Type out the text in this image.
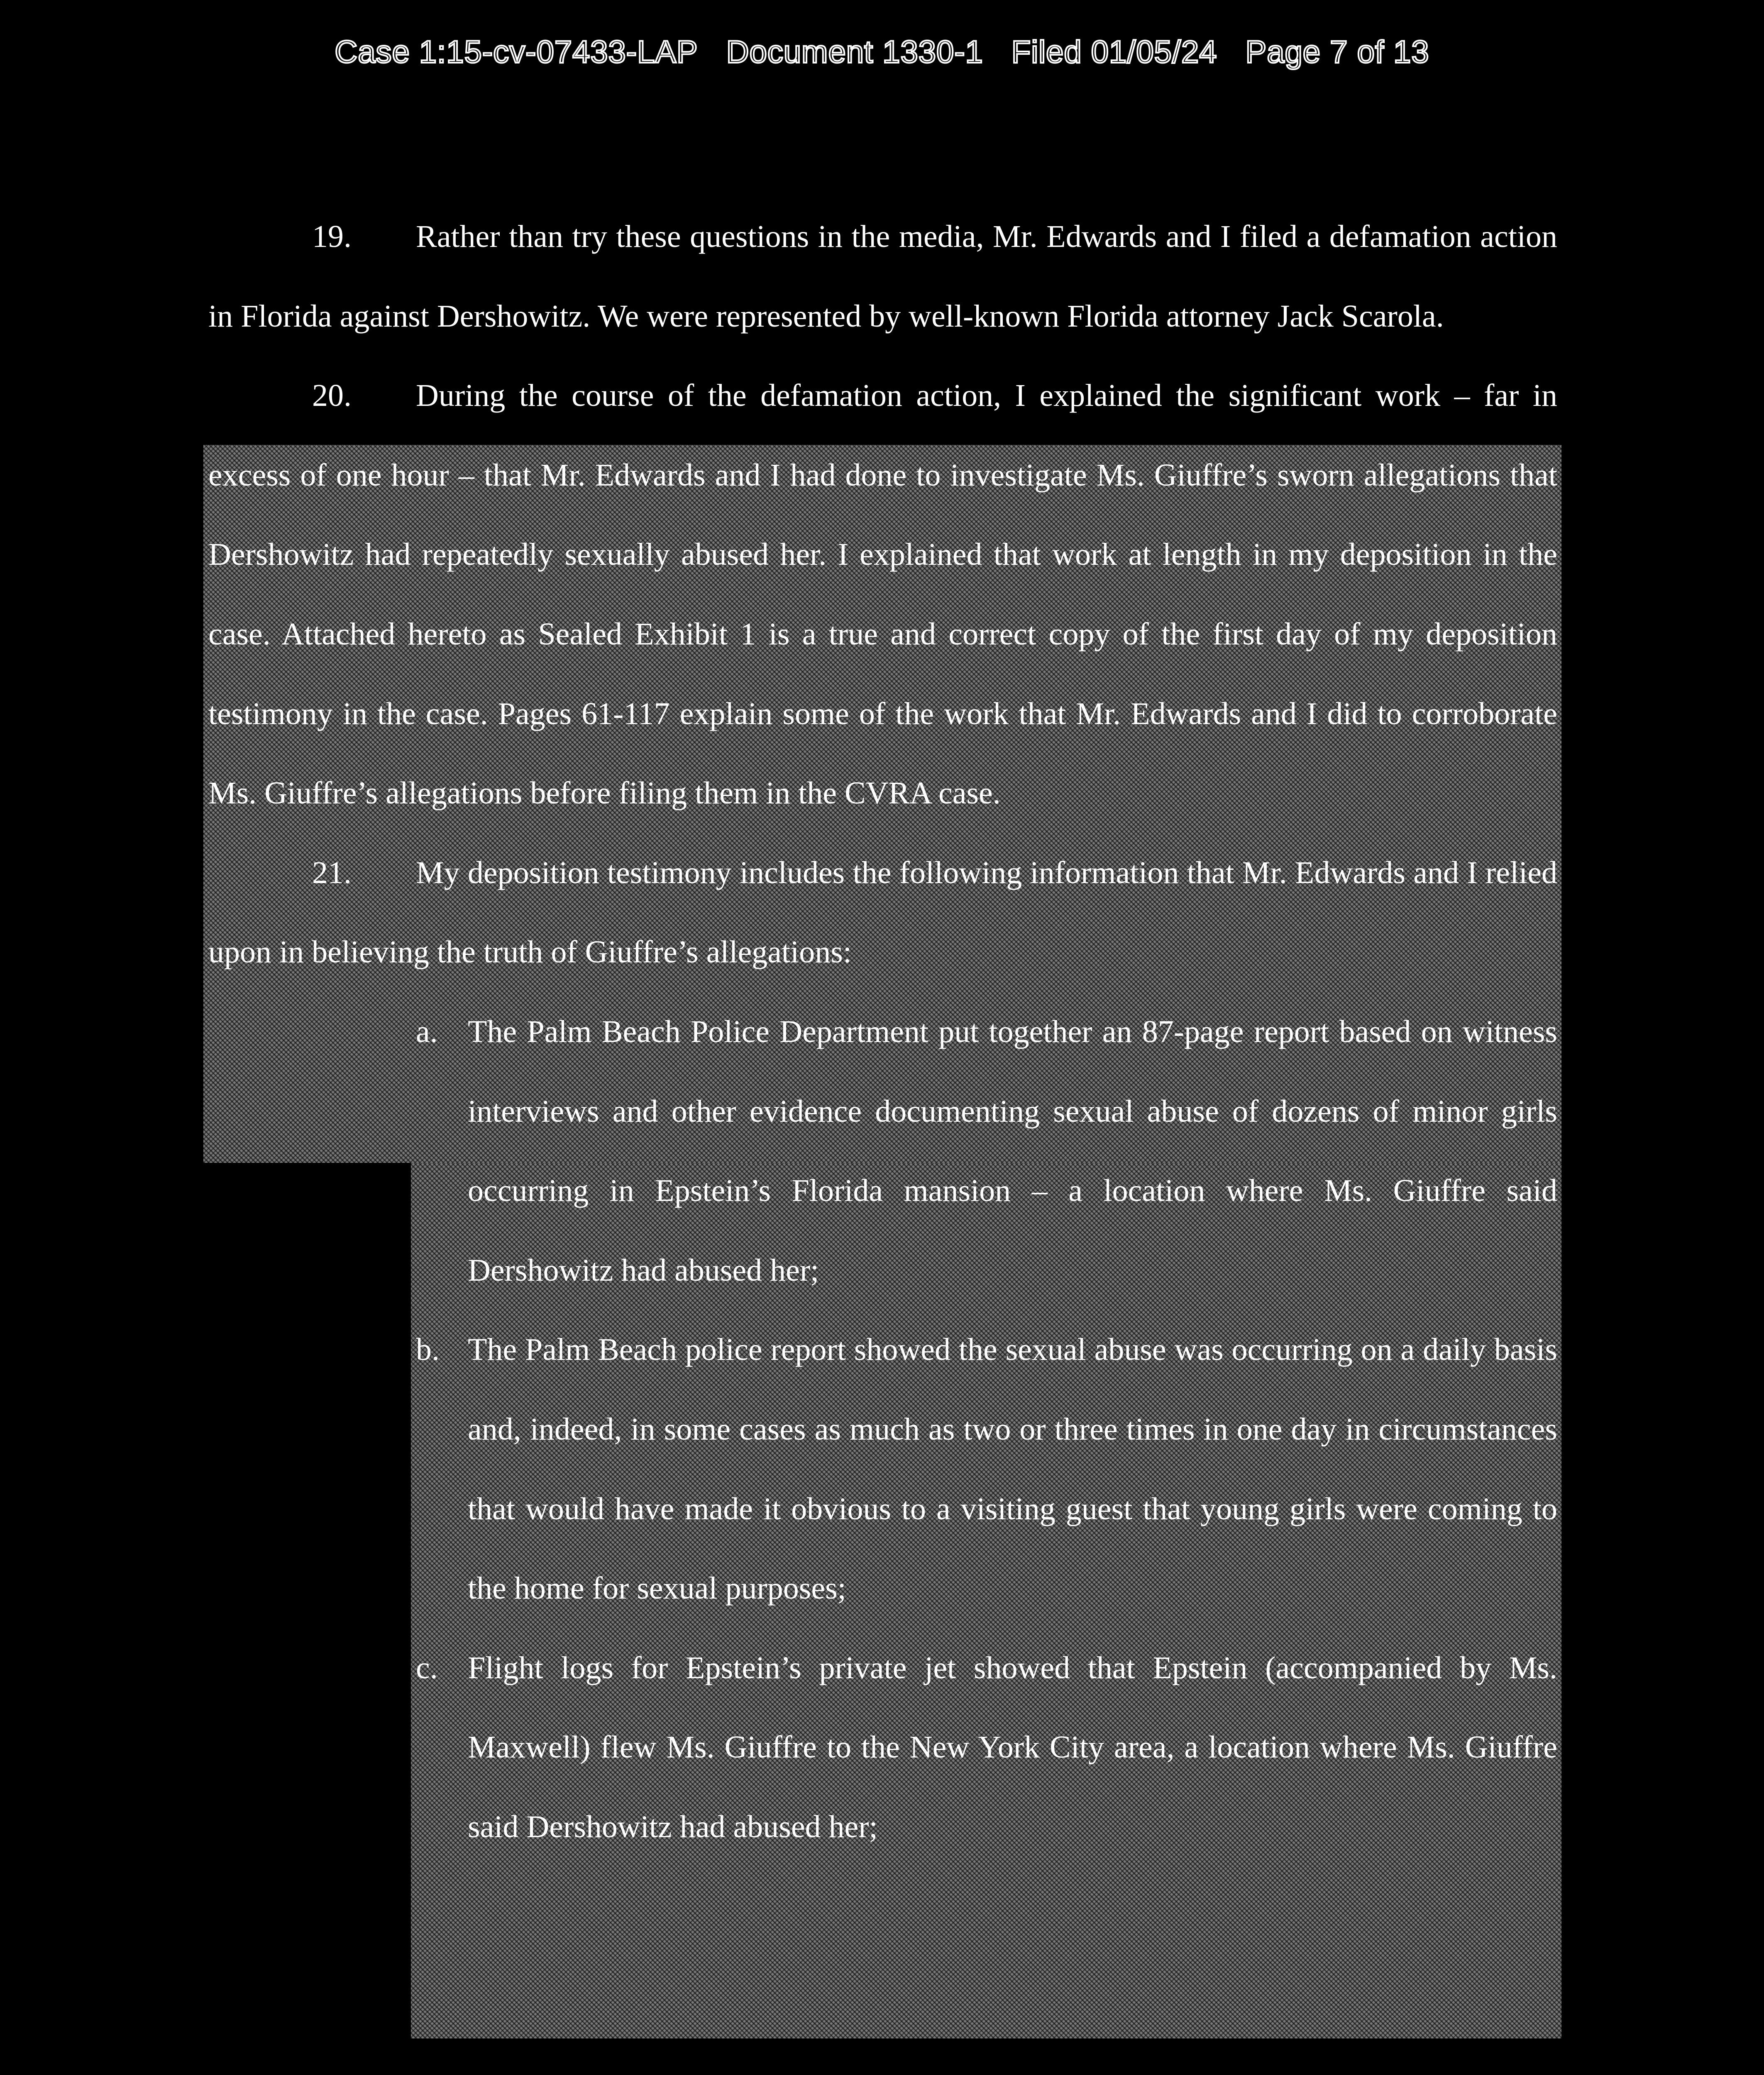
Case 1:15-cv-07433-LAP Document 1330-1 Filed 01/05/24 Page 7 of 13

19. Rather than try these questions in the media, Mr. Edwards and I filed a defamation action in Florida against Dershowitz. We were represented by well-known Florida attorney Jack Scarola.

20. During the course of the defamation action, I explained the significant work – far in excess of one hour – that Mr. Edwards and I had done to investigate Ms. Giuffre’s sworn allegations that Dershowitz had repeatedly sexually abused her. I explained that work at length in my deposition in the case. Attached hereto as Sealed Exhibit 1 is a true and correct copy of the first day of my deposition testimony in the case. Pages 61-117 explain some of the work that Mr. Edwards and I did to corroborate Ms. Giuffre’s allegations before filing them in the CVRA case.

21. My deposition testimony includes the following information that Mr. Edwards and I relied upon in believing the truth of Giuffre’s allegations:

a. The Palm Beach Police Department put together an 87-page report based on witness interviews and other evidence documenting sexual abuse of dozens of minor girls occurring in Epstein’s Florida mansion – a location where Ms. Giuffre said Dershowitz had abused her;
b. The Palm Beach police report showed the sexual abuse was occurring on a daily basis and, indeed, in some cases as much as two or three times in one day in circumstances that would have made it obvious to a visiting guest that young girls were coming to the home for sexual purposes;
c. Flight logs for Epstein’s private jet showed that Epstein (accompanied by Ms. Maxwell) flew Ms. Giuffre to the New York City area, a location where Ms. Giuffre said Dershowitz had abused her;
